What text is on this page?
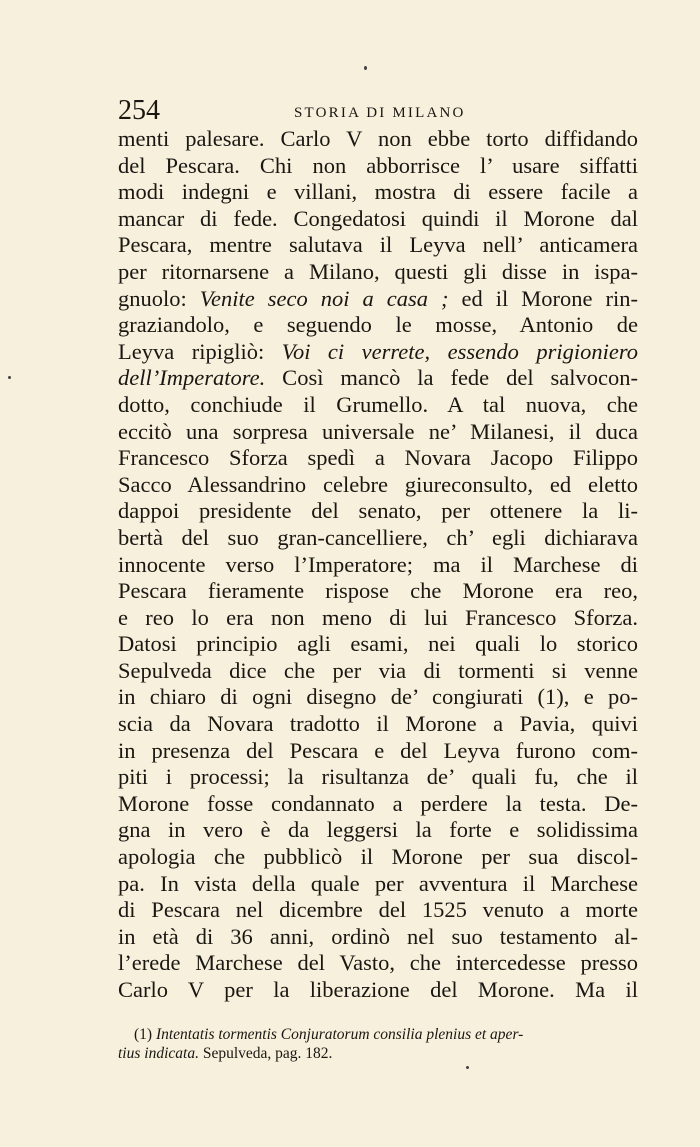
254	STORIA DI MILANO
menti palesare. Carlo V non ebbe torto diffidando
del Pescara. Chi non abborrisce l’ usare siffatti
modi indegni e villani, mostra di essere facile a
mancar di fede. Congedatosi quindi il Morone dal
Pescara, mentre salutava il Leyva nell’ anticamera
per ritornarsene a Milano, questi gli disse in ispa-
gnuolo: Venite seco noi a casa ; ed il Morone rin-
graziandolo, e seguendo le mosse, Antonio de
Leyva ripigliò: Voi ci verrete, essendo prigioniero
dell’Imperatore. Così mancò la fede del salvocon-
dotto, conchiude il Grumello. A tal nuova, che
eccitò una sorpresa universale ne’ Milanesi, il duca
Francesco Sforza spedì a Novara Jacopo Filippo
Sacco Alessandrino celebre giureconsulto, ed eletto
dappoi presidente del senato, per ottenere la li-
bertà del suo gran-cancelliere, ch’ egli dichiarava
innocente verso l’Imperatore; ma il Marchese di
Pescara fieramente rispose che Morone era reo,
e reo lo era non meno di lui Francesco Sforza.
Datosi principio agli esami, nei quali lo storico
Sepulveda dice che per via di tormenti si venne
in chiaro di ogni disegno de’ congiurati (1), e po-
scia da Novara tradotto il Morone a Pavia, quivi
in presenza del Pescara e del Leyva furono com-
piti i processi; la risultanza de’ quali fu, che il
Morone fosse condannato a perdere la testa. De-
gna in vero è da leggersi la forte e solidissima
apologia che pubblicò il Morone per sua discol-
pa. In vista della quale per avventura il Marchese
di Pescara nel dicembre del 1525 venuto a morte
in età di 36 anni, ordinò nel suo testamento al-
l’erede Marchese del Vasto, che intercedesse presso
Carlo V per la liberazione del Morone. Ma il
(1) Intentatis tormentis Conjuratorum consilia plenius et aper-
tius indicata. Sepulveda, pag. 182.
